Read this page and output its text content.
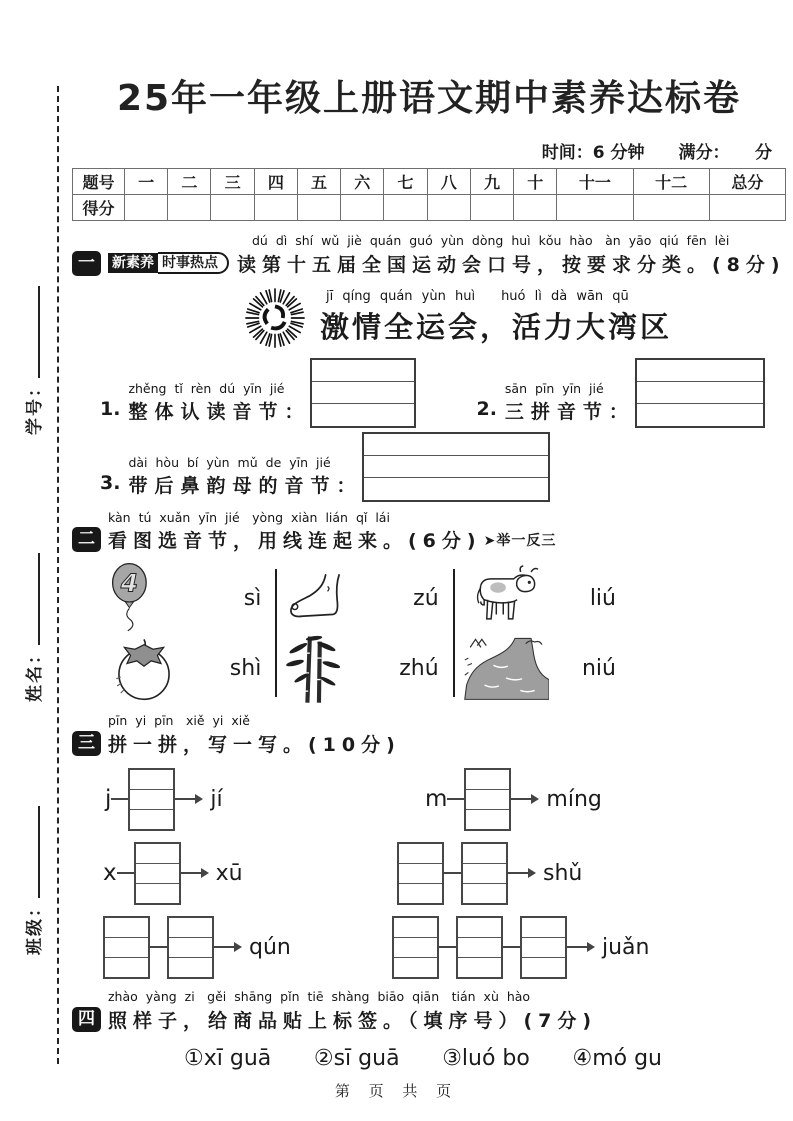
学号：
姓名：
班级：
25年一年级上册语文期中素养达标卷
时间：6 分钟　　满分：　　分
题号	一	二	三	四	五	六	七	八	九	十	十一	十二	总分
得分													
dú dì shí wǔ jiè quán guó yùn dòng huì kǒu hào　àn yāo qiú fēn lèi
一	新素养 时事热点	读第十五届全国运动会口号，按要求分类。(8分)
jī qíng quán yùn huì　　huó lì dà wān qū
激情全运会，活力大湾区
1.
zhěng tǐ rèn dú yīn jié
整体认读音节：	2.
sān pīn yīn jié
三拼音节：
3.
dài hòu bí yùn mǔ de yīn jié
带后鼻韵母的音节：
kàn tú xuǎn yīn jié　yòng xiàn lián qǐ lái
二 看图选音节，用线连起来。(6分) ➤举一反三
4
sì
shì
zú
zhú
liú
niú
pīn yi pīn　xiě yi xiě
三 拼一拼，写一写。(10分)
j	jí	m	míng
x	xū	shǔ
qún	juǎn
zhào yàng zi　gěi shāng pǐn tiē shàng biāo qiān　tián xù hào
四 照样子，给商品贴上标签。（填序号）(7分)
①xī guā ②sī guā ③luó bo ④mó gu
第 页 共 页
